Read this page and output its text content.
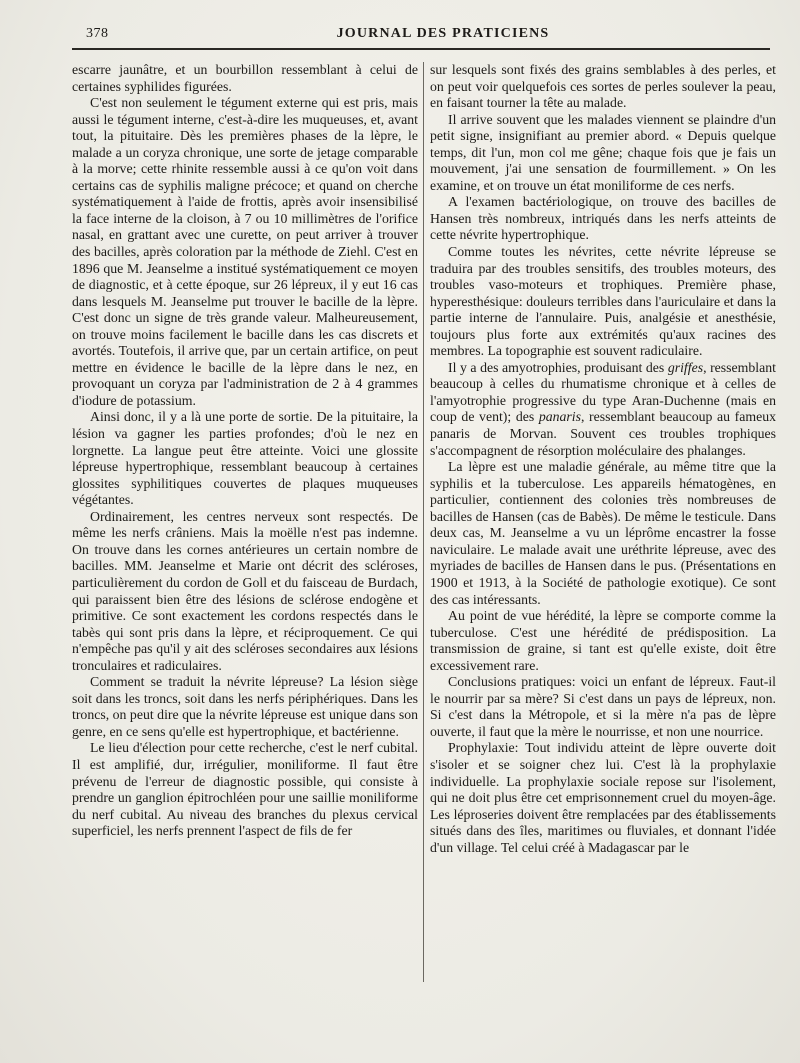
378	JOURNAL DES PRATICIENS

escarre jaunâtre, et un bourbillon ressemblant à celui de certaines syphilides figurées.

C'est non seulement le tégument externe qui est pris, mais aussi le tégument interne, c'est-à-dire les muqueuses, et, avant tout, la pituitaire. Dès les premières phases de la lèpre, le malade a un coryza chronique, une sorte de jetage comparable à la morve; cette rhinite ressemble aussi à ce qu'on voit dans certains cas de syphilis maligne précoce; et quand on cherche systématiquement à l'aide de frottis, après avoir insensibilisé la face interne de la cloison, à 7 ou 10 millimètres de l'orifice nasal, en grattant avec une curette, on peut arriver à trouver des bacilles, après coloration par la méthode de Ziehl. C'est en 1896 que M. Jeanselme a institué systématiquement ce moyen de diagnostic, et à cette époque, sur 26 lépreux, il y eut 16 cas dans lesquels M. Jeanselme put trouver le bacille de la lèpre. C'est donc un signe de très grande valeur. Malheureusement, on trouve moins facilement le bacille dans les cas discrets et avortés. Toutefois, il arrive que, par un certain artifice, on peut mettre en évidence le bacille de la lèpre dans le nez, en provoquant un coryza par l'administration de 2 à 4 grammes d'iodure de potassium.

Ainsi donc, il y a là une porte de sortie. De la pituitaire, la lésion va gagner les parties profondes; d'où le nez en lorgnette. La langue peut être atteinte. Voici une glossite lépreuse hypertrophique, ressemblant beaucoup à certaines glossites syphilitiques couvertes de plaques muqueuses végétantes.

Ordinairement, les centres nerveux sont respectés. De même les nerfs crâniens. Mais la moëlle n'est pas indemne. On trouve dans les cornes antérieures un certain nombre de bacilles. MM. Jeanselme et Marie ont décrit des scléroses, particulièrement du cordon de Goll et du faisceau de Burdach, qui paraissent bien être des lésions de sclérose endogène et primitive. Ce sont exactement les cordons respectés dans le tabès qui sont pris dans la lèpre, et réciproquement. Ce qui n'empêche pas qu'il y ait des scléroses secondaires aux lésions tronculaires et radiculaires.

Comment se traduit la névrite lépreuse? La lésion siège soit dans les troncs, soit dans les nerfs périphériques. Dans les troncs, on peut dire que la névrite lépreuse est unique dans son genre, en ce sens qu'elle est hypertrophique, et bactérienne.

Le lieu d'élection pour cette recherche, c'est le nerf cubital. Il est amplifié, dur, irrégulier, moniliforme. Il faut être prévenu de l'erreur de diagnostic possible, qui consiste à prendre un ganglion épitrochléen pour une saillie moniliforme du nerf cubital. Au niveau des branches du plexus cervical superficiel, les nerfs prennent l'aspect de fils de fer

sur lesquels sont fixés des grains semblables à des perles, et on peut voir quelquefois ces sortes de perles soulever la peau, en faisant tourner la tête au malade.

Il arrive souvent que les malades viennent se plaindre d'un petit signe, insignifiant au premier abord. « Depuis quelque temps, dit l'un, mon col me gêne; chaque fois que je fais un mouvement, j'ai une sensation de fourmillement. » On les examine, et on trouve un état moniliforme de ces nerfs.

A l'examen bactériologique, on trouve des bacilles de Hansen très nombreux, intriqués dans les nerfs atteints de cette névrite hypertrophique.

Comme toutes les névrites, cette névrite lépreuse se traduira par des troubles sensitifs, des troubles moteurs, des troubles vaso-moteurs et trophiques. Première phase, hyperesthésique: douleurs terribles dans l'auriculaire et dans la partie interne de l'annulaire. Puis, analgésie et anesthésie, toujours plus forte aux extrémités qu'aux racines des membres. La topographie est souvent radiculaire.

Il y a des amyotrophies, produisant des griffes, ressemblant beaucoup à celles du rhumatisme chronique et à celles de l'amyotrophie progressive du type Aran-Duchenne (mais en coup de vent); des panaris, ressemblant beaucoup au fameux panaris de Morvan. Souvent ces troubles trophiques s'accompagnent de résorption moléculaire des phalanges.

La lèpre est une maladie générale, au même titre que la syphilis et la tuberculose. Les appareils hématogènes, en particulier, contiennent des colonies très nombreuses de bacilles de Hansen (cas de Babès). De même le testicule. Dans deux cas, M. Jeanselme a vu un léprôme encastrer la fosse naviculaire. Le malade avait une uréthrite lépreuse, avec des myriades de bacilles de Hansen dans le pus. (Présentations en 1900 et 1913, à la Société de pathologie exotique). Ce sont des cas intéressants.

Au point de vue hérédité, la lèpre se comporte comme la tuberculose. C'est une hérédité de prédisposition. La transmission de graine, si tant est qu'elle existe, doit être excessivement rare.

Conclusions pratiques: voici un enfant de lépreux. Faut-il le nourrir par sa mère? Si c'est dans un pays de lépreux, non. Si c'est dans la Métropole, et si la mère n'a pas de lèpre ouverte, il faut que la mère le nourrisse, et non une nourrice.

Prophylaxie: Tout individu atteint de lèpre ouverte doit s'isoler et se soigner chez lui. C'est là la prophylaxie individuelle. La prophylaxie sociale repose sur l'isolement, qui ne doit plus être cet emprisonnement cruel du moyen-âge. Les léproseries doivent être remplacées par des établissements situés dans des îles, maritimes ou fluviales, et donnant l'idée d'un village. Tel celui créé à Madagascar par le
